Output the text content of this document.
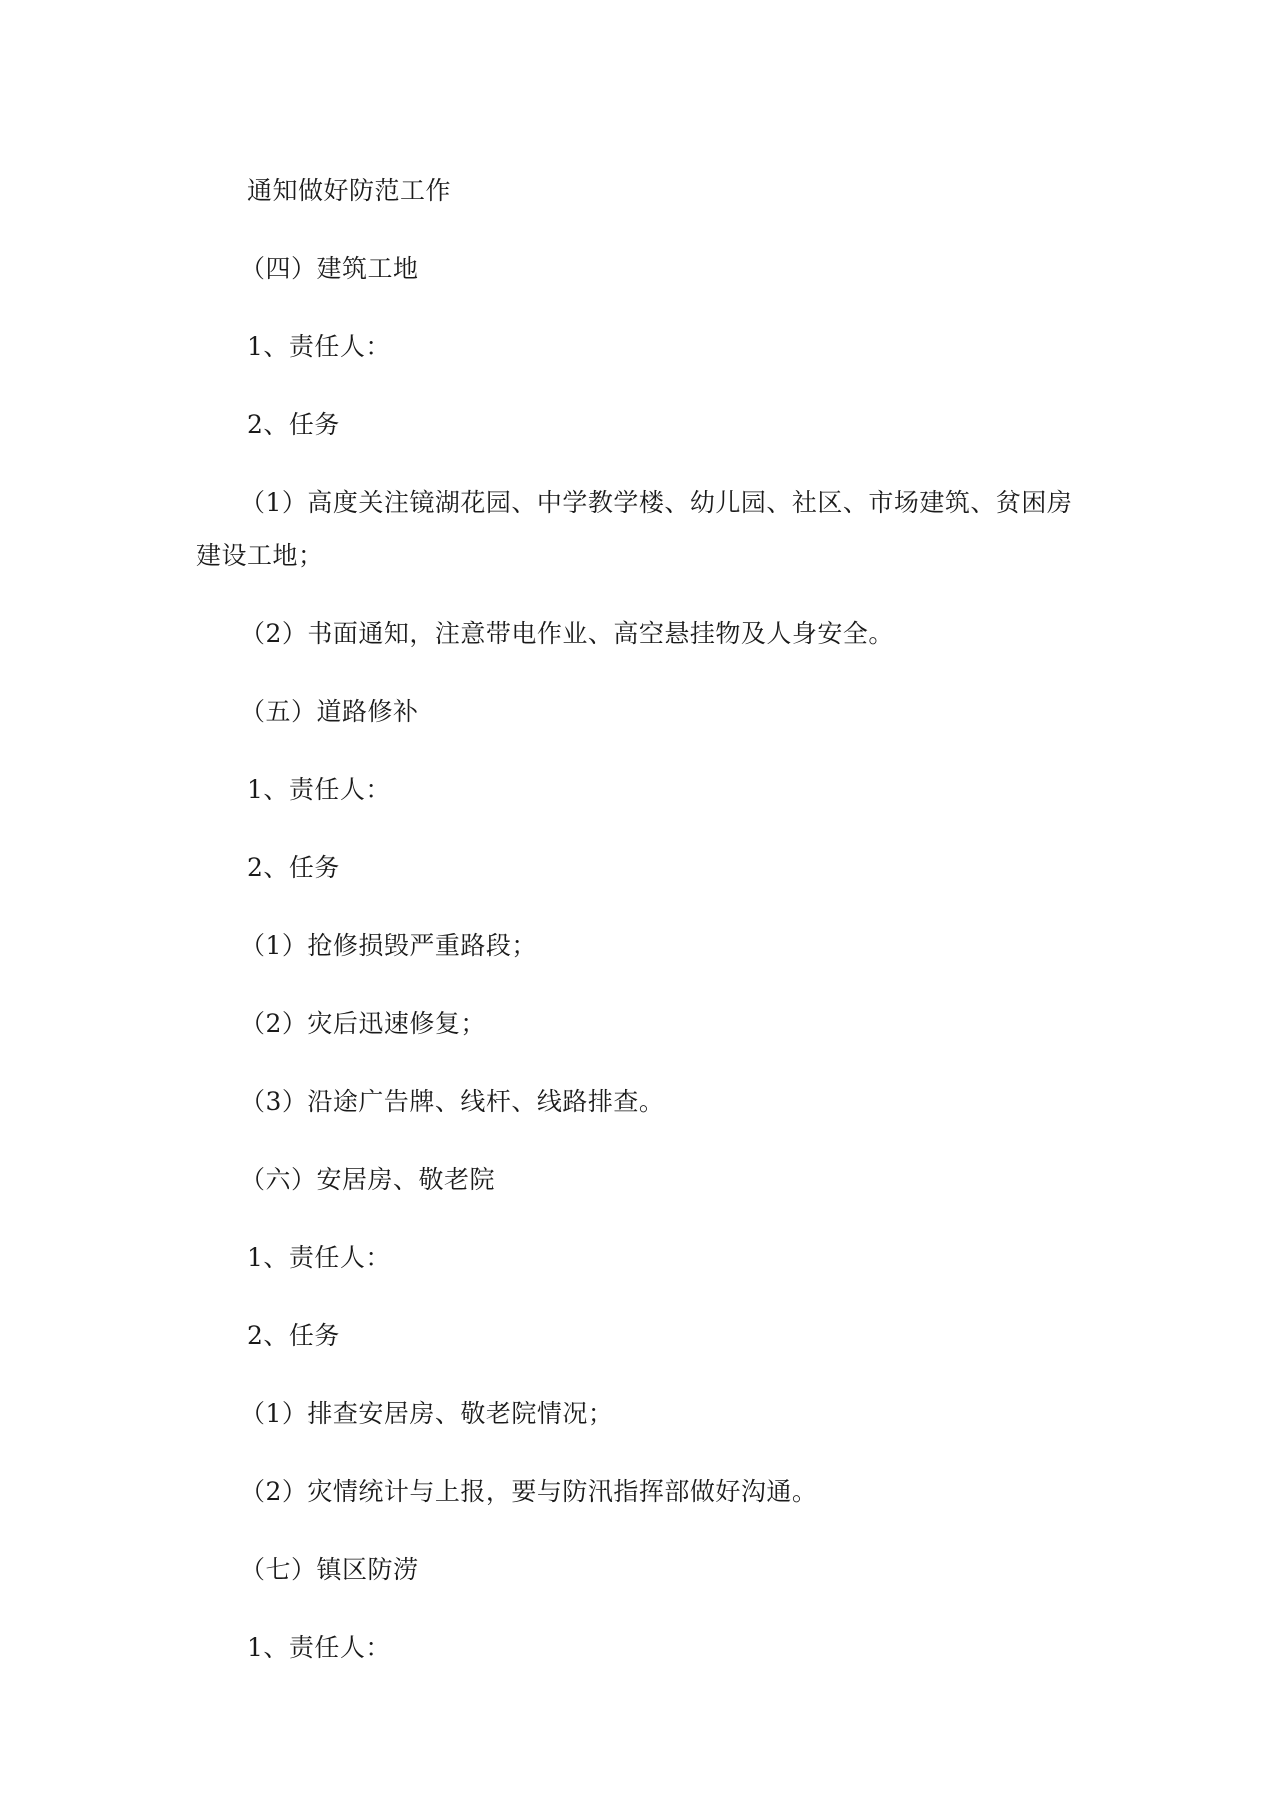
通知做好防范工作
（四）建筑工地
1、责任人：
2、任务
（1）高度关注镜湖花园、中学教学楼、幼儿园、社区、市场建筑、贫困房
建设工地；
（2）书面通知，注意带电作业、高空悬挂物及人身安全。
（五）道路修补
1、责任人：
2、任务
（1）抢修损毁严重路段；
（2）灾后迅速修复；
（3）沿途广告牌、线杆、线路排查。
（六）安居房、敬老院
1、责任人：
2、任务
（1）排查安居房、敬老院情况；
（2）灾情统计与上报，要与防汛指挥部做好沟通。
（七）镇区防涝
1、责任人：
